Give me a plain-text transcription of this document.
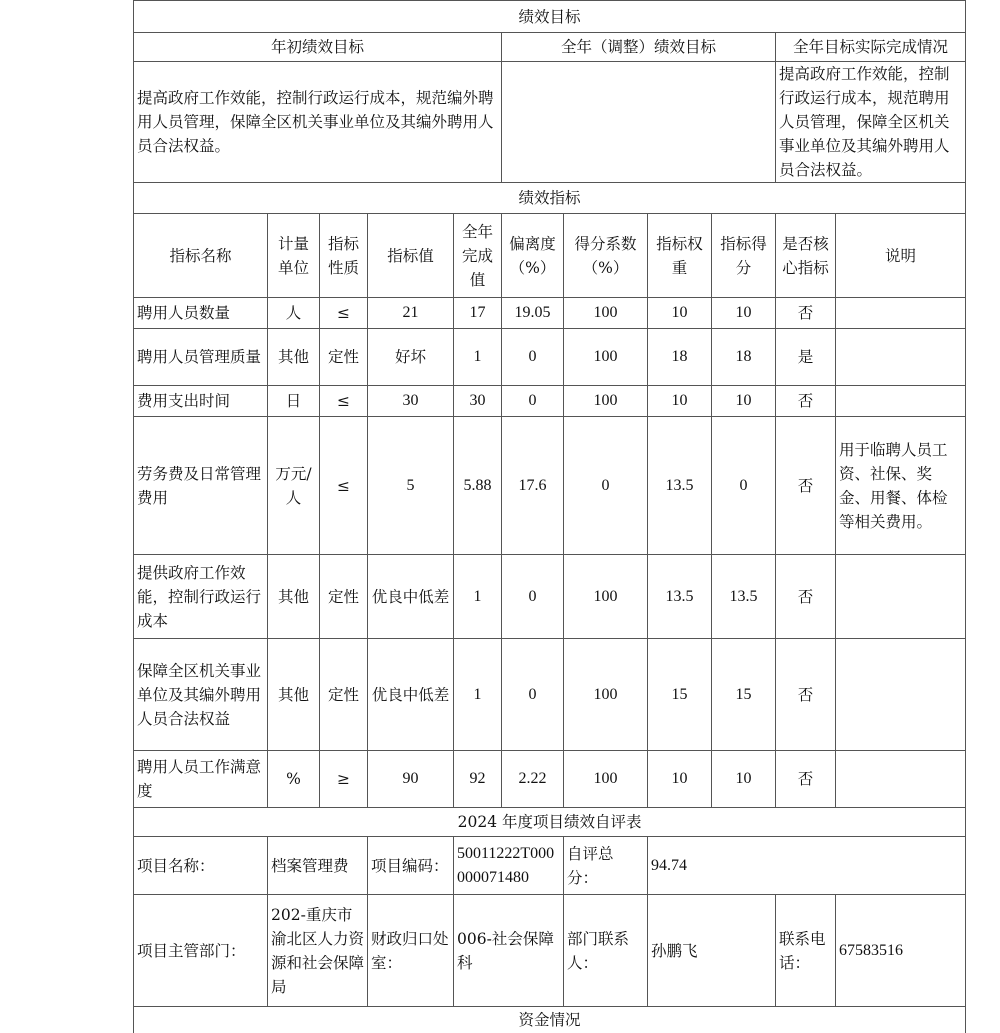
绩效目标										
年初绩效目标					全年（调整）绩效目标				全年目标实际完成情况	
提高政府工作效能，控制行政运行成本，规范编外聘用人员管理，保障全区机关事业单位及其编外聘用人员合法权益。									提高政府工作效能，控制行政运行成本，规范聘用人员管理，保障全区机关事业单位及其编外聘用人员合法权益。	
绩效指标										
指标名称	计量单位	指标性质	指标值	全年完成值	偏离度（%）	得分系数（%）	指标权重	指标得分	是否核心指标	说明
聘用人员数量	人	≤	21	17	19.05	100	10	10	否	
聘用人员管理质量	其他	定性	好坏	1	0	100	18	18	是	
费用支出时间	日	≤	30	30	0	100	10	10	否	
劳务费及日常管理费用	万元/人	≤	5	5.88	17.6	0	13.5	0	否	用于临聘人员工资、社保、奖金、用餐、体检等相关费用。
提供政府工作效能，控制行政运行成本	其他	定性	优良中低差	1	0	100	13.5	13.5	否	
保障全区机关事业单位及其编外聘用人员合法权益	其他	定性	优良中低差	1	0	100	15	15	否	
聘用人员工作满意度	%	≥	90	92	2.22	100	10	10	否	
2024 年度项目绩效自评表										
项目名称：	档案管理费		项目编码：	50011222T000000071480		自评总分：	94.74			
项目主管部门：	202-重庆市渝北区人力资源和社会保障局		财政归口处室：	006-社会保障科		部门联系人：	孙鹏飞		联系电话：	67583516
资金情况										
